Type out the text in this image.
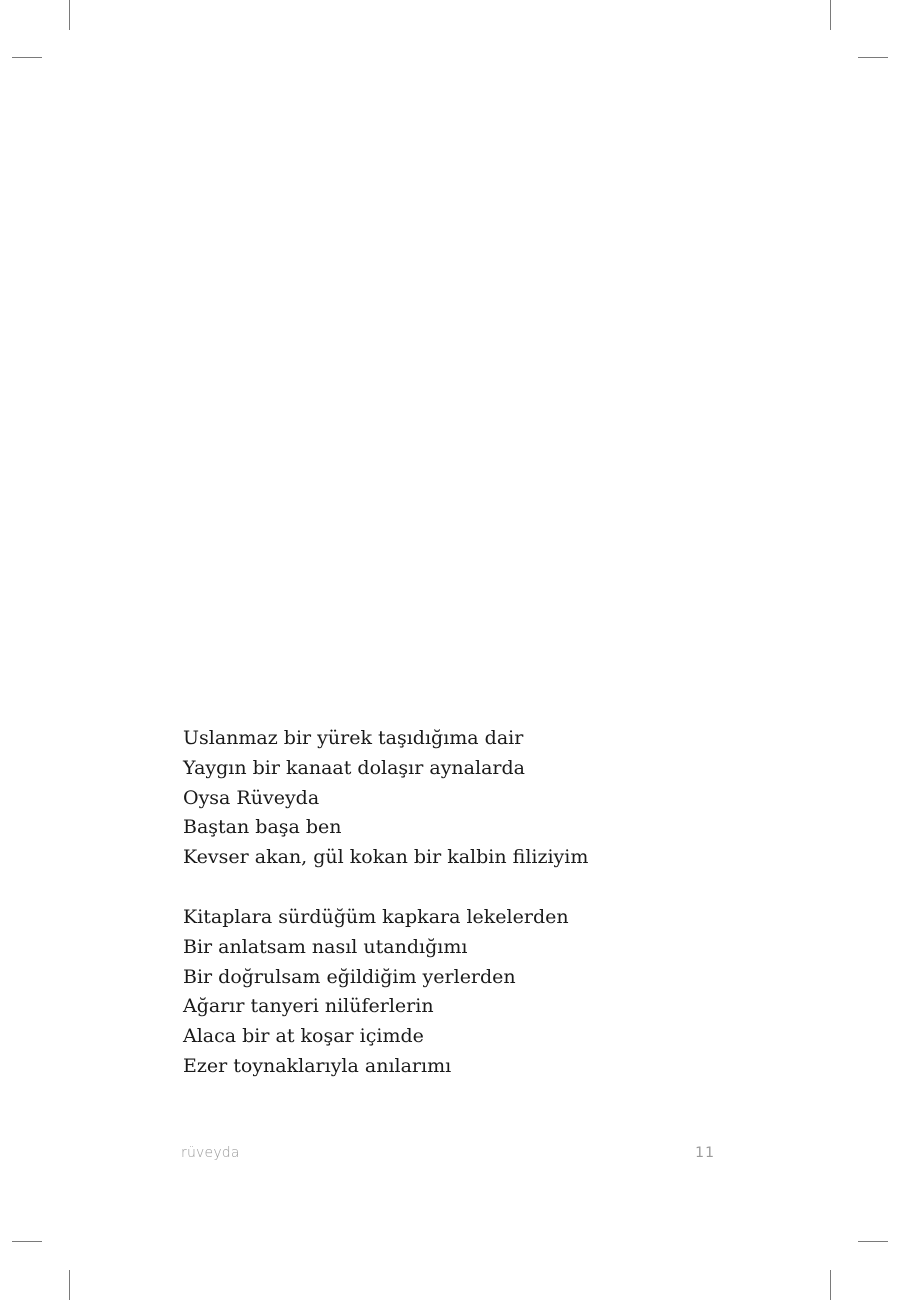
Uslanmaz bir yürek taşıdığıma dair
Yaygın bir kanaat dolaşır aynalarda
Oysa Rüveyda
Baştan başa ben
Kevser akan, gül kokan bir kalbin filiziyim

Kitaplara sürdüğüm kapkara lekelerden
Bir anlatsam nasıl utandığımı
Bir doğrulsam eğildiğim yerlerden
Ağarır tanyeri nilüferlerin
Alaca bir at koşar içimde
Ezer toynaklarıyla anılarımı

rüveyda	11
